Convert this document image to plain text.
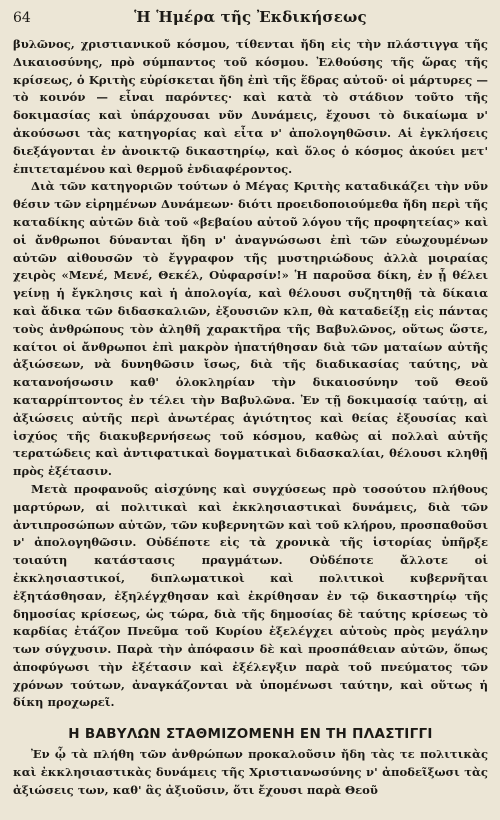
64	Ἡ Ἡμέρα τῆς Ἐκδικήσεως

βυλῶνος, χριστιανικοῦ κόσμου, τίθενται ἤδη εἰς τὴν πλάστιγγα τῆς Δικαιοσύνης, πρὸ σύμπαντος τοῦ κόσμου. Ἐλθούσης τῆς ὥρας τῆς κρίσεως, ὁ Κριτὴς εὑρίσκεται ἤδη ἐπὶ τῆς ἕδρας αὐτοῦ· οἱ μάρτυρες — τὸ κοινόν — εἶναι παρόντες· καὶ κατὰ τὸ στάδιον τοῦτο τῆς δοκιμασίας καὶ ὑπάρχουσαι νῦν Δυνάμεις, ἔχουσι τὸ δικαίωμα ν' ἀκούσωσι τὰς κατηγορίας καὶ εἶτα ν' ἀπολογηθῶσιν. Αἱ ἐγκλήσεις διεξάγονται ἐν ἀνοικτῷ δικαστηρίῳ, καὶ ὅλος ὁ κόσμος ἀκούει μετ' ἐπιτεταμένου καὶ θερμοῦ ἐνδιαφέροντος.

Διὰ τῶν κατηγοριῶν τούτων ὁ Μέγας Κριτὴς καταδικάζει τὴν νῦν θέσιν τῶν εἰρημένων Δυνάμεων· διότι προειδοποιούμεθα ἤδη περὶ τῆς καταδίκης αὐτῶν διὰ τοῦ «βεβαίου αὐτοῦ λόγου τῆς προφητείας» καὶ οἱ ἄνθρωποι δύνανται ἤδη ν' ἀναγνώσωσι ἐπὶ τῶν εὐωχουμένων αὐτῶν αἰθουσῶν τὸ ἔγγραφον τῆς μυστηριώδους ἀλλὰ μοιραίας χειρὸς «Μενέ, Μενέ, Θεκέλ, Οὐφαρσίν!» Ἡ παροῦσα δίκη, ἐν ᾗ θέλει γείνῃ ἡ ἔγκλησις καὶ ἡ ἀπολογία, καὶ θέλουσι συζητηθῇ τὰ δίκαια καὶ ἄδικα τῶν διδασκαλιῶν, ἐξουσιῶν κλπ, θὰ καταδείξῃ εἰς πάντας τοὺς ἀνθρώπους τὸν ἀληθῆ χαρακτῆρα τῆς Βαβυλῶνος, οὕτως ὥστε, καίτοι οἱ ἄνθρωποι ἐπὶ μακρὸν ἠπατήθησαν διὰ τῶν ματαίων αὐτῆς ἀξιώσεων, νὰ δυνηθῶσιν ἴσως, διὰ τῆς διαδικασίας ταύτης, νὰ κατανοήσωσιν καθ' ὁλοκληρίαν τὴν δικαιοσύνην τοῦ Θεοῦ καταρρίπτοντος ἐν τέλει τὴν Βαβυλῶνα. Ἐν τῇ δοκιμασίᾳ ταύτῃ, αἱ ἀξιώσεις αὐτῆς περὶ ἀνωτέρας ἁγιότητος καὶ θείας ἐξουσίας καὶ ἰσχύος τῆς διακυβερνήσεως τοῦ κόσμου, καθὼς αἱ πολλαὶ αὐτῆς τερατώδεις καὶ ἀντιφατικαὶ δογματικαὶ διδασκαλίαι, θέλουσι κληθῇ πρὸς ἐξέτασιν.

Μετὰ προφανοῦς αἰσχύνης καὶ συγχύσεως πρὸ τοσούτου πλήθους μαρτύρων, αἱ πολιτικαὶ καὶ ἐκκλησιαστικαὶ δυνάμεις, διὰ τῶν ἀντιπροσώπων αὐτῶν, τῶν κυβερνητῶν καὶ τοῦ κλήρου, προσπαθοῦσι ν' ἀπολογηθῶσιν. Οὐδέποτε εἰς τὰ χρονικὰ τῆς ἱστορίας ὑπῆρξε τοιαύτη κατάστασις πραγμάτων. Οὐδέποτε ἄλλοτε οἱ ἐκκλησιαστικοί, διπλωματικοὶ καὶ πολιτικοὶ κυβερνῆται ἐξητάσθησαν, ἐξηλέγχθησαν καὶ ἐκρίθησαν ἐν τῷ δικαστηρίῳ τῆς δημοσίας κρίσεως, ὡς τώρα, διὰ τῆς δημοσίας δὲ ταύτης κρίσεως τὸ καρδίας ἐτάζον Πνεῦμα τοῦ Κυρίου ἐξελέγχει αὐτοὺς πρὸς μεγάλην των σύγχυσιν. Παρὰ τὴν ἀπόφασιν δὲ καὶ προσπάθειαν αὐτῶν, ὅπως ἀποφύγωσι τὴν ἐξέτασιν καὶ ἐξέλεγξιν παρὰ τοῦ πνεύματος τῶν χρόνων τούτων, ἀναγκάζονται νὰ ὑπομένωσι ταύτην, καὶ οὕτως ἡ δίκη προχωρεῖ.

Η ΒΑΒΥΛΩΝ ΣΤΑΘΜΙΖΟΜΕΝΗ ΕΝ ΤΗ ΠΛΑΣΤΙΓΓΙ

Ἐν ᾧ τὰ πλήθη τῶν ἀνθρώπων προκαλοῦσιν ἤδη τὰς τε πολιτικὰς καὶ ἐκκλησιαστικὰς δυνάμεις τῆς Χριστιανωσύνης ν' ἀποδεῖξωσι τὰς ἀξιώσεις των, καθ' ἃς ἀξιοῦσιν, ὅτι ἔχουσι παρὰ Θεοῦ
